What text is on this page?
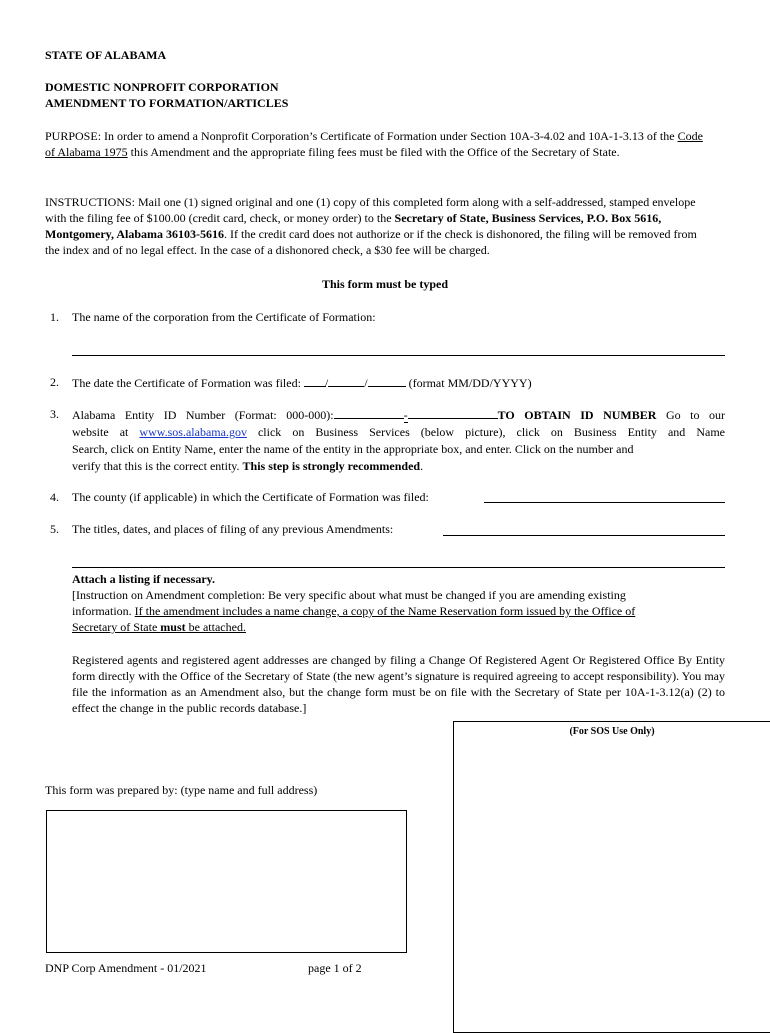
STATE OF ALABAMA
DOMESTIC NONPROFIT CORPORATION
AMENDMENT TO FORMATION/ARTICLES

PURPOSE: In order to amend a Nonprofit Corporation’s Certificate of Formation under Section 10A-3-4.02 and 10A-1-3.13 of the Code of Alabama 1975 this Amendment and the appropriate filing fees must be filed with the Office of the Secretary of State.

INSTRUCTIONS: Mail one (1) signed original and one (1) copy of this completed form along with a self-addressed, stamped envelope with the filing fee of $100.00 (credit card, check, or money order) to the Secretary of State, Business Services, P.O. Box 5616, Montgomery, Alabama 36103-5616. If the credit card does not authorize or if the check is dishonored, the filing will be removed from the index and of no legal effect. In the case of a dishonored check, a $30 fee will be charged.

This form must be typed
1. The name of the corporation from the Certificate of Formation:

2. The date the Certificate of Formation was filed: /	/	(format MM/DD/YYYY)

3. Alabama Entity ID Number (Format: 000-000):	-	TO OBTAIN ID NUMBER Go to our
website at www.sos.alabama.gov click on Business Services (below picture), click on Business Entity and Name
Search, click on Entity Name, enter the name of the entity in the appropriate box, and enter. Click on the number and
verify that this is the correct entity. This step is strongly recommended.
4. The county (if applicable) in which the Certificate of Formation was filed:

5. The titles, dates, and places of filing of any previous Amendments:

Attach a listing if necessary.
[Instruction on Amendment completion: Be very specific about what must be changed if you are amending existing
information. If the amendment includes a name change, a copy of the Name Reservation form issued by the Office of
Secretary of State must be attached.

Registered agents and registered agent addresses are changed by filing a Change Of Registered Agent Or Registered Office By Entity form directly with the Office of the Secretary of State (the new agent’s signature is required agreeing to accept responsibility). You may file the information as an Amendment also, but the change form must be on file with the Secretary of State per 10A-1-3.12(a) (2) to effect the change in the public records database.]

(For SOS Use Only)
This form was prepared by: (type name and full address)
DNP Corp Amendment - 01/2021	page 1 of 2
